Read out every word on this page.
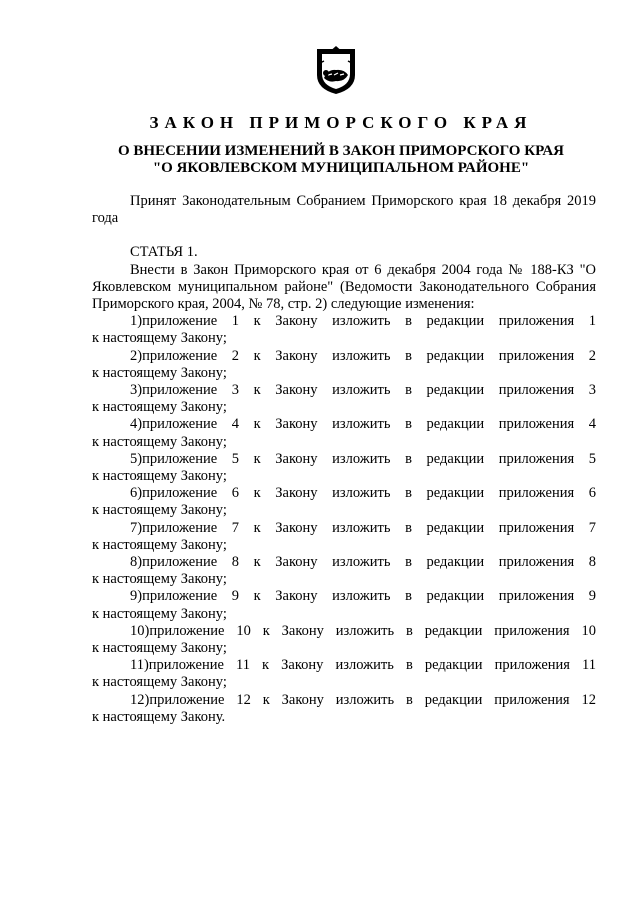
ЗАКОН ПРИМОРСКОГО КРАЯ
О ВНЕСЕНИИ ИЗМЕНЕНИЙ В ЗАКОН ПРИМОРСКОГО КРАЯ
"О ЯКОВЛЕВСКОМ МУНИЦИПАЛЬНОМ РАЙОНЕ"

Принят Законодательным Собранием Приморского края 18 декабря 2019 года

СТАТЬЯ 1.

Внести в Закон Приморского края от 6 декабря 2004 года № 188-КЗ "О Яковлевском муниципальном районе" (Ведомости Законодательного Собрания Приморского края, 2004, № 78, стр. 2) следующие изменения:

1)приложение 1 к Закону изложить в редакции приложения 1

к настоящему Закону;

2)приложение 2 к Закону изложить в редакции приложения 2

к настоящему Закону;

3)приложение 3 к Закону изложить в редакции приложения 3

к настоящему Закону;

4)приложение 4 к Закону изложить в редакции приложения 4

к настоящему Закону;

5)приложение 5 к Закону изложить в редакции приложения 5

к настоящему Закону;

6)приложение 6 к Закону изложить в редакции приложения 6

к настоящему Закону;

7)приложение 7 к Закону изложить в редакции приложения 7

к настоящему Закону;

8)приложение 8 к Закону изложить в редакции приложения 8

к настоящему Закону;

9)приложение 9 к Закону изложить в редакции приложения 9

к настоящему Закону;

10)приложение 10 к Закону изложить в редакции приложения 10

к настоящему Закону;

11)приложение 11 к Закону изложить в редакции приложения 11

к настоящему Закону;

12)приложение 12 к Закону изложить в редакции приложения 12

к настоящему Закону.
